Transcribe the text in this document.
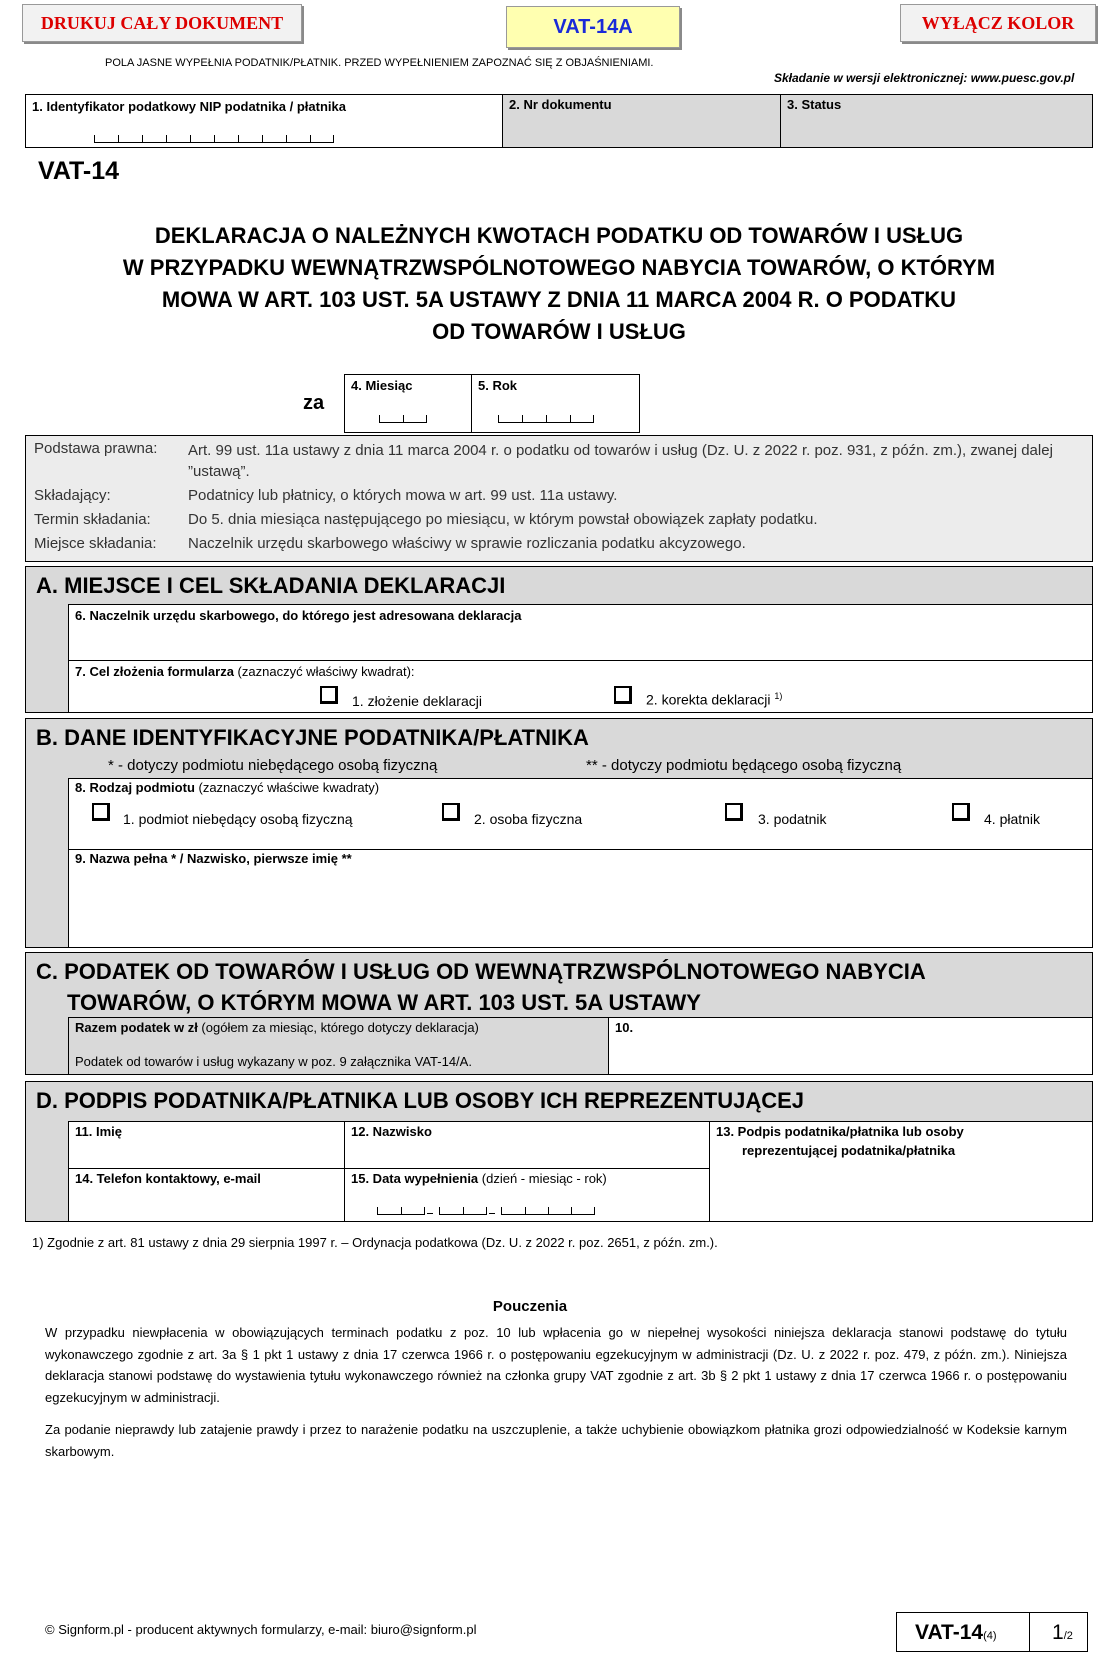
DRUKUJ CAŁY DOKUMENT	VAT-14A	WYŁĄCZ KOLOR
POLA JASNE WYPEŁNIA PODATNIK/PŁATNIK. PRZED WYPEŁNIENIEM ZAPOZNAĆ SIĘ Z OBJAŚNIENIAMI.
Składanie w wersji elektronicznej: www.puesc.gov.pl
1. Identyfikator podatkowy NIP podatnika / płatnika	2. Nr dokumentu	3. Status
VAT-14
DEKLARACJA O NALEŻNYCH KWOTACH PODATKU OD TOWARÓW I USŁUG
W PRZYPADKU WEWNĄTRZWSPÓLNOTOWEGO NABYCIA TOWARÓW, O KTÓRYM
MOWA W ART. 103 UST. 5A USTAWY Z DNIA 11 MARCA 2004 R. O PODATKU
OD TOWARÓW I USŁUG
za
4. Miesiąc	5. Rok
Podstawa prawna: Art. 99 ust. 11a ustawy z dnia 11 marca 2004 r. o podatku od towarów i usług (Dz. U. z 2022 r. poz. 931, z późn. zm.), zwanej dalej ”ustawą”.
Składający:	Podatnicy lub płatnicy, o których mowa w art. 99 ust. 11a ustawy.
Termin składania: Do 5. dnia miesiąca następującego po miesiącu, w którym powstał obowiązek zapłaty podatku.
Miejsce składania: Naczelnik urzędu skarbowego właściwy w sprawie rozliczania podatku akcyzowego.
A. MIEJSCE I CEL SKŁADANIA DEKLARACJI
6. Naczelnik urzędu skarbowego, do którego jest adresowana deklaracja
7. Cel złożenia formularza (zaznaczyć właściwy kwadrat):
1. złożenie deklaracji	2. korekta deklaracji $^{1)}$
B. DANE IDENTYFIKACYJNE PODATNIKA/PŁATNIKA
* - dotyczy podmiotu niebędącego osobą fizyczną	** - dotyczy podmiotu będącego osobą fizyczną
8. Rodzaj podmiotu (zaznaczyć właściwe kwadraty)
1. podmiot niebędący osobą fizyczną	2. osoba fizyczna	3. podatnik	4. płatnik
9. Nazwa pełna * / Nazwisko, pierwsze imię **
C. PODATEK OD TOWARÓW I USŁUG OD WEWNĄTRZWSPÓLNOTOWEGO NABYCIA
TOWARÓW, O KTÓRYM MOWA W ART. 103 UST. 5A USTAWY
Razem podatek w zł (ogółem za miesiąc, którego dotyczy deklaracja)
Podatek od towarów i usług wykazany w poz. 9 załącznika VAT-14/A.
10.
D. PODPIS PODATNIKA/PŁATNIKA LUB OSOBY ICH REPREZENTUJĄCEJ
11. Imię	12. Nazwisko	13. Podpis podatnika/płatnika lub osoby
reprezentującej podatnika/płatnika
14. Telefon kontaktowy, e-mail	15. Data wypełnienia (dzień - miesiąc - rok)
1) Zgodnie z art. 81 ustawy z dnia 29 sierpnia 1997 r. – Ordynacja podatkowa (Dz. U. z 2022 r. poz. 2651, z późn. zm.).
Pouczenia
W przypadku niewpłacenia w obowiązujących terminach podatku z poz. 10 lub wpłacenia go w niepełnej wysokości niniejsza deklaracja stanowi podstawę do tytułu wykonawczego zgodnie z art. 3a § 1 pkt 1 ustawy z dnia 17 czerwca 1966 r. o postępowaniu egzekucyjnym w administracji (Dz. U. z 2022 r. poz. 479, z późn. zm.). Niniejsza deklaracja stanowi podstawę do wystawienia tytułu wykonawczego również na członka grupy VAT zgodnie z art. 3b § 2 pkt 1 ustawy z dnia 17 czerwca 1966 r. o postępowaniu egzekucyjnym w administracji.
Za podanie nieprawdy lub zatajenie prawdy i przez to narażenie podatku na uszczuplenie, a także uchybienie obowiązkom płatnika grozi odpowiedzialność w Kodeksie karnym skarbowym.
© Signform.pl - producent aktywnych formularzy, e-mail: biuro@signform.pl	VAT-14(4)	1/2
